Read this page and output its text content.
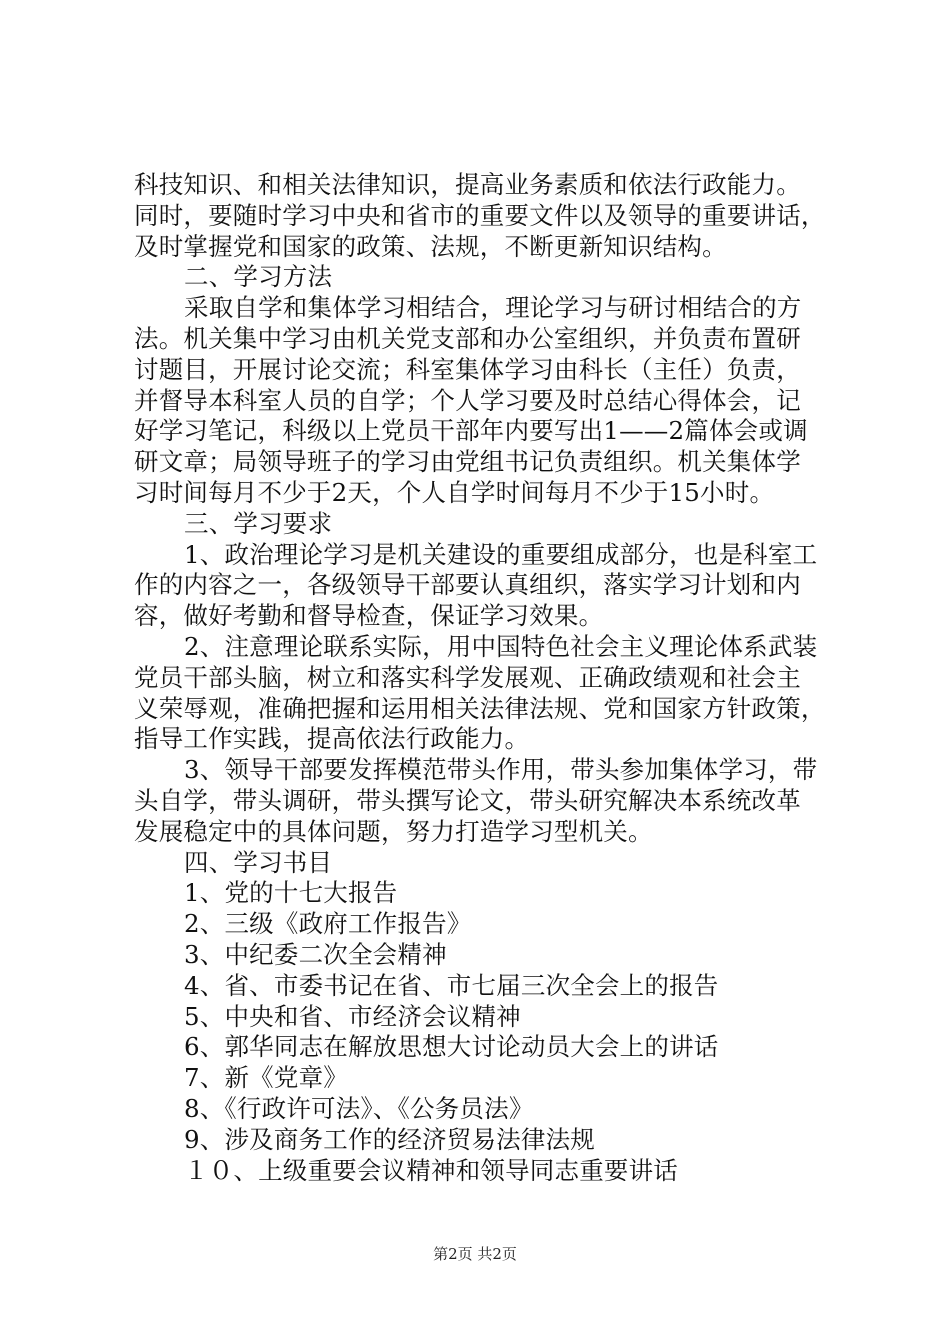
科技知识、和相关法律知识，提高业务素质和依法行政能力。
同时，要随时学习中央和省市的重要文件以及领导的重要讲话，
及时掌握党和国家的政策、法规，不断更新知识结构。
二、学习方法
采取自学和集体学习相结合，理论学习与研讨相结合的方
法。机关集中学习由机关党支部和办公室组织，并负责布置研
讨题目，开展讨论交流；科室集体学习由科长（主任）负责，
并督导本科室人员的自学；个人学习要及时总结心得体会，记
好学习笔记，科级以上党员干部年内要写出1——2篇体会或调
研文章；局领导班子的学习由党组书记负责组织。机关集体学
习时间每月不少于2天，个人自学时间每月不少于15小时。
三、学习要求
1、政治理论学习是机关建设的重要组成部分，也是科室工
作的内容之一，各级领导干部要认真组织，落实学习计划和内
容，做好考勤和督导检查，保证学习效果。
2、注意理论联系实际，用中国特色社会主义理论体系武装
党员干部头脑，树立和落实科学发展观、正确政绩观和社会主
义荣辱观，准确把握和运用相关法律法规、党和国家方针政策，
指导工作实践，提高依法行政能力。
3、领导干部要发挥模范带头作用，带头参加集体学习，带
头自学，带头调研，带头撰写论文，带头研究解决本系统改革
发展稳定中的具体问题，努力打造学习型机关。
四、学习书目
1、党的十七大报告
2、三级《政府工作报告》
3、中纪委二次全会精神
4、省、市委书记在省、市七届三次全会上的报告
5、中央和省、市经济会议精神
6、郭华同志在解放思想大讨论动员大会上的讲话
7、新《党章》
8、《行政许可法》、《公务员法》
9、涉及商务工作的经济贸易法律法规
１０、上级重要会议精神和领导同志重要讲话
第2页 共2页
